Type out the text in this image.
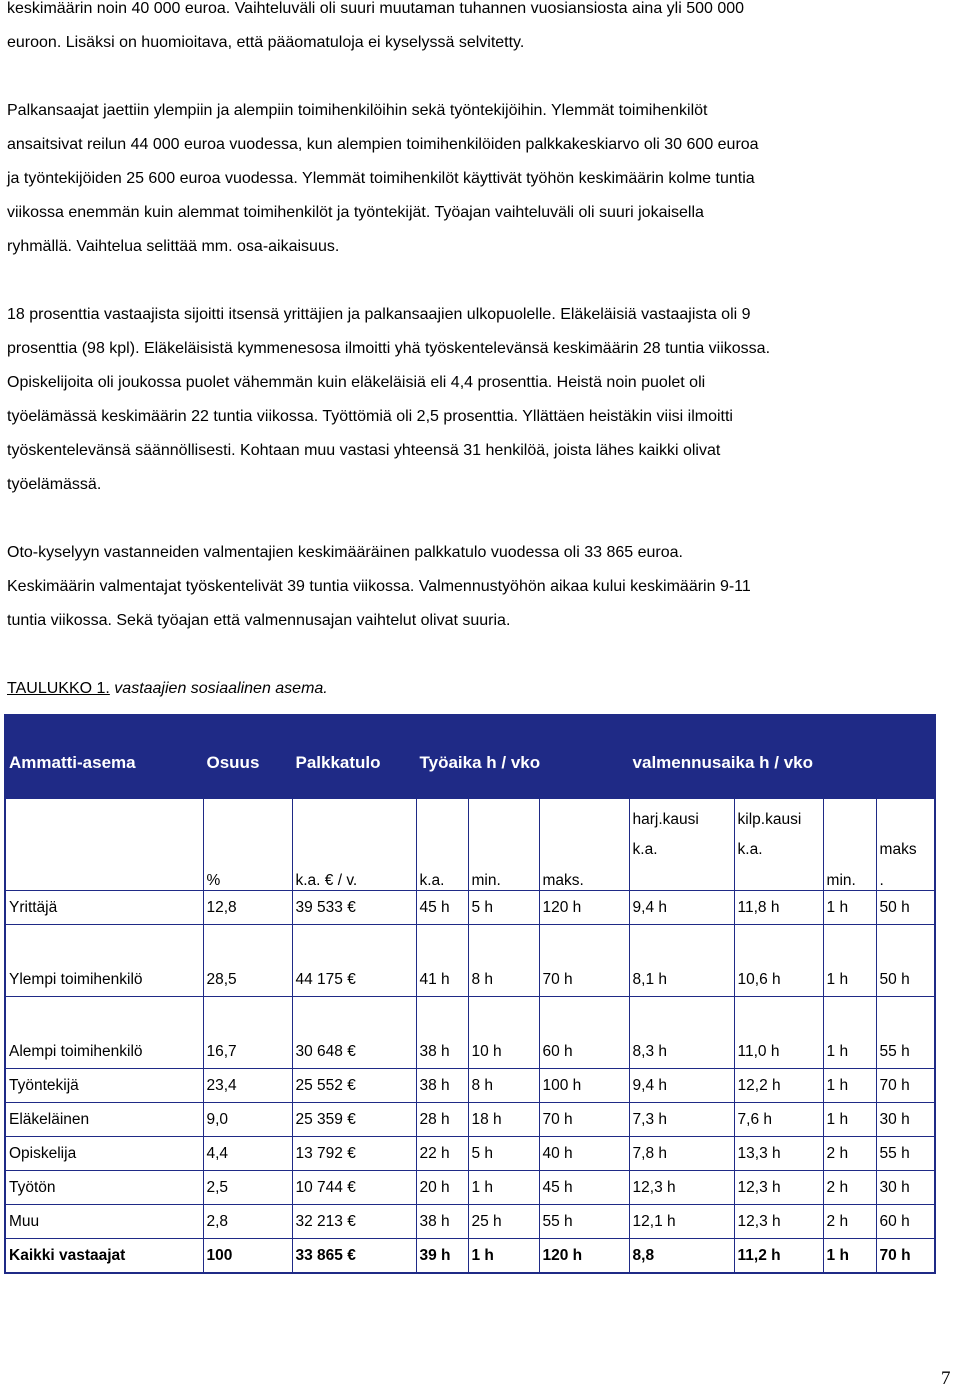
keskimäärin noin 40 000 euroa. Vaihteluväli oli suuri muutaman tuhannen vuosiansiosta aina yli 500 000
euroon. Lisäksi on huomioitava, että pääomatuloja ei kyselyssä selvitetty.
Palkansaajat jaettiin ylempiin ja alempiin toimihenkilöihin sekä työntekijöihin. Ylemmät toimihenkilöt
ansaitsivat reilun 44 000 euroa vuodessa, kun alempien toimihenkilöiden palkkakeskiarvo oli 30 600 euroa
ja työntekijöiden 25 600 euroa vuodessa. Ylemmät toimihenkilöt käyttivät työhön keskimäärin kolme tuntia
viikossa enemmän kuin alemmat toimihenkilöt ja työntekijät. Työajan vaihteluväli oli suuri jokaisella
ryhmällä. Vaihtelua selittää mm. osa-aikaisuus.
18 prosenttia vastaajista sijoitti itsensä yrittäjien ja palkansaajien ulkopuolelle. Eläkeläisiä vastaajista oli 9
prosenttia (98 kpl). Eläkeläisistä kymmenesosa ilmoitti yhä työskentelevänsä keskimäärin 28 tuntia viikossa.
Opiskelijoita oli joukossa puolet vähemmän kuin eläkeläisiä eli 4,4 prosenttia. Heistä noin puolet oli
työelämässä keskimäärin 22 tuntia viikossa. Työttömiä oli 2,5 prosenttia. Yllättäen heistäkin viisi ilmoitti
työskentelevänsä säännöllisesti. Kohtaan muu vastasi yhteensä 31 henkilöä, joista lähes kaikki olivat
työelämässä.
Oto-kyselyyn vastanneiden valmentajien keskimääräinen palkkatulo vuodessa oli 33 865 euroa.
Keskimäärin valmentajat työskentelivät 39 tuntia viikossa. Valmennustyöhön aikaa kului keskimäärin 9-11
tuntia viikossa. Sekä työajan että valmennusajan vaihtelut olivat suuria.

TAULUKKO 1. vastaajien sosiaalinen asema.

Ammatti-asema	Osuus	Palkkatulo	Työaika h / vko			valmennusaika h / vko			
						harj.kausi	kilp.kausi		
						k.a.	k.a.		maks
	%	k.a. € / v.	k.a.	min.	maks.			min.	.
Yrittäjä	12,8	39 533 €	45 h	5 h	120 h	9,4 h	11,8 h	1 h	50 h
Ylempi toimihenkilö	28,5	44 175 €	41 h	8 h	70 h	8,1 h	10,6 h	1 h	50 h
Alempi toimihenkilö	16,7	30 648 €	38 h	10 h	60 h	8,3 h	11,0 h	1 h	55 h
Työntekijä	23,4	25 552 €	38 h	8 h	100 h	9,4 h	12,2 h	1 h	70 h
Eläkeläinen	9,0	25 359 €	28 h	18 h	70 h	7,3 h	7,6 h	1 h	30 h
Opiskelija	4,4	13 792 €	22 h	5 h	40 h	7,8 h	13,3 h	2 h	55 h
Työtön	2,5	10 744 €	20 h	1 h	45 h	12,3 h	12,3 h	2 h	30 h
Muu	2,8	32 213 €	38 h	25 h	55 h	12,1 h	12,3 h	2 h	60 h
Kaikki vastaajat	100	33 865 €	39 h	1 h	120 h	8,8	11,2 h	1 h	70 h
7
